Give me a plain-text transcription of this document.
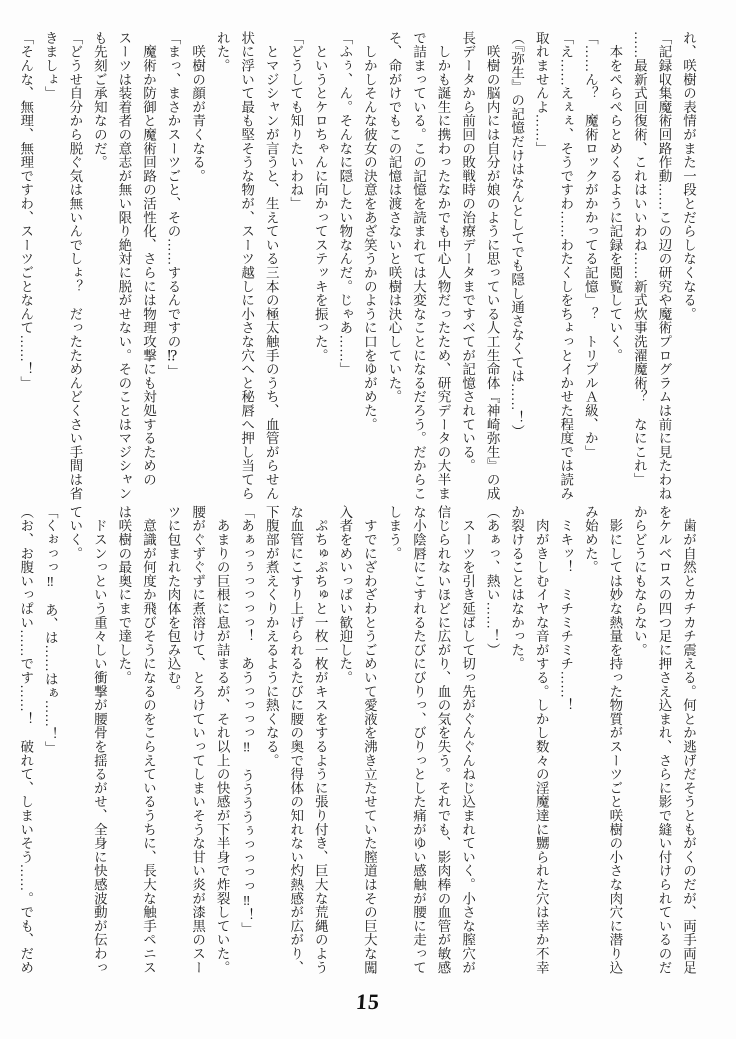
れ、咲樹の表情がまた一段とだらしなくなる。
「記録収集魔術回路作動……この辺の研究や魔術プログラムは前に見たわね
……最新式回復術、これはいいわね……新式炊事洗濯魔術？　なにこれ」
　本をぺらぺらとめくるように記録を閲覧していく。
「……ん？　魔術ロックがかかってる記憶」？　トリプルＡ級、か」
「え……えぇぇ、そうですわ……わたくしをちょっとイかせた程度では読み
取れませんよ……」
（『弥生』の記憶だけはなんとしてでも隠し通さなくては……！）
　咲樹の脳内には自分が娘のように思っている人工生命体『神崎弥生』の成
長データから前回の敗戦時の治療データまですべてが記憶されている。
　しかも誕生に携わったなかでも中心人物だったため、研究データの大半ま
で詰まっている。この記憶を読まれては大変なことになるだろう。だからこ
そ、命がけでもこの記憶は渡さないと咲樹は決心していた。
　しかしそんな彼女の決意をあざ笑うかのように口をゆがめた。
「ふぅ、ん。そんなに隠したい物なんだ。じゃあ……」
　というとケロちゃんに向かってステッキを振った。
「どうしても知りたいわね」
　とマジシャンが言うと、生えている三本の極太触手のうち、血管がらせん
状に浮いて最も堅そうな物が、スーツ越しに小さな穴へと秘唇へ押し当てら
れた。
　咲樹の顔が青くなる。
「まっ、まさかスーツごと、その……するんですの⁉」
　魔術か防御と魔術回路の活性化、さらには物理攻撃にも対処するための
スーツは装着者の意志が無い限り絶対に脱がせない。そのことはマジシャン
も先刻ご承知なのだ。
「どうせ自分から脱ぐ気は無いんでしょ？　だったためんどくさい手間は省
きましょ」
「そんな、無理、無理ですわ、スーツごとなんて……！」
　歯が自然とカチカチ震える。何とか逃げだそうともがくのだが、両手両足
をケルベロスの四つ足に押さえ込まれ、さらに影で縫い付けられているのだ
からどうにもならない。
　影にしては妙な熱量を持った物質がスーツごと咲樹の小さな肉穴に潜り込
み始めた。
　ミキッ！　ミチミチミチ……！
　肉がきしむイヤな音がする。しかし数々の淫魔達に嬲られた穴は幸か不幸
か裂けることはなかった。
（あぁっ、熱い……！）
　スーツを引き延ばして切っ先がぐんぐんねじ込まれていく。小さな膣穴が
信じられないほどに広がり、血の気を失う。それでも、影肉棒の血管が敏感
な小陰唇にこすれるたびにびりっ、びりっとした痛がゆい感触が腰に走って
しまう。
　すでにざわざわとうごめいて愛液を沸き立たせていた膣道はその巨大な闖
入者をめいっぱい歓迎した。
　ぷちゅぷちゅと一枚一枚がキスをするように張り付き、巨大な荒縄のよう
な血管にこすり上げられるたびに腰の奥で得体の知れない灼熱感が広がり、
下腹部が煮えくりかえるように熱くなる。
「あぁっぅっっっっ！　あうっっっっ‼　ううううぅっっっっ‼！」
　あまりの巨根に息が詰まるが、それ以上の快感が下半身で炸裂していた。
腰がぐずぐずに煮溶けて、とろけていってしまいそうな甘い炎が漆黒のスー
ツに包まれた肉体を包み込む。
　意識が何度か飛びそうになるのをこらえているうちに、長大な触手ペニス
は咲樹の最奥にまで達した。
　ドスンっという重々しい衝撃が腰骨を揺るがせ、全身に快感波動が伝わっ
ていく。
「くぉっっ‼　あ、は……はぁ……！」
（お、お腹いっぱい……です……！　破れて、しまいそう……。でも、だめ
15
